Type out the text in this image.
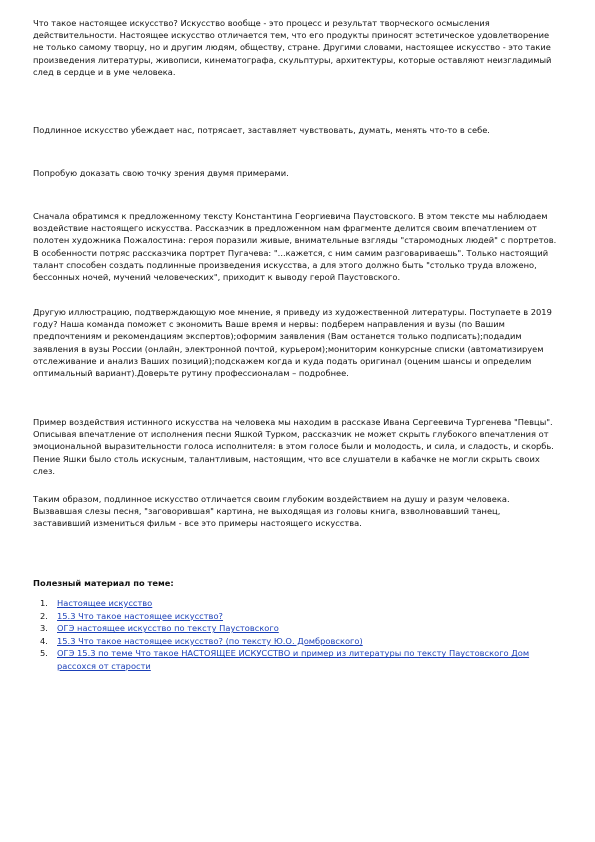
Что такое настоящее искусство? Искусство вообще - это процесс и результат творческого осмысления действительности. Настоящее искусство отличается тем, что его продукты приносят эстетическое удовлетворение не только самому творцу, но и другим людям, обществу, стране. Другими словами, настоящее искусство - это такие произведения литературы, живописи, кинематографа, скульптуры, архитектуры, которые оставляют неизгладимый след в сердце и в уме человека.

Подлинное искусство убеждает нас, потрясает, заставляет чувствовать, думать, менять что-то в себе.

Попробую доказать свою точку зрения двумя примерами.

Сначала обратимся к предложенному тексту Константина Георгиевича Паустовского. В этом тексте мы наблюдаем воздействие настоящего искусства. Рассказчик в предложенном нам фрагменте делится своим впечатлением от полотен художника Пожалостина: героя поразили живые, внимательные взгляды "старомодных людей" с портретов. В особенности потряс рассказчика портрет Пугачева: "...кажется, с ним самим разговариваешь". Только настоящий талант способен создать подлинные произведения искусства, а для этого должно быть "столько труда вложено, бессонных ночей, мучений человеческих", приходит к выводу герой Паустовского.

Другую иллюстрацию, подтверждающую мое мнение, я приведу из художественной литературы. Поступаете в 2019 году? Наша команда поможет с экономить Ваше время и нервы: подберем направления и вузы (по Вашим предпочтениям и рекомендациям экспертов);оформим заявления (Вам останется только подписать);подадим заявления в вузы России (онлайн, электронной почтой, курьером);мониторим конкурсные списки (автоматизируем отслеживание и анализ Ваших позиций);подскажем когда и куда подать оригинал (оценим шансы и определим оптимальный вариант).Доверьте рутину профессионалам – подробнее.

Пример воздействия истинного искусства на человека мы находим в рассказе Ивана Сергеевича Тургенева "Певцы". Описывая впечатление от исполнения песни Яшкой Турком, рассказчик не может скрыть глубокого впечатления от эмоциональной выразительности голоса исполнителя: в этом голосе были и молодость, и сила, и сладость, и скорбь. Пение Яшки было столь искусным, талантливым, настоящим, что все слушатели в кабачке не могли скрыть своих слез.

Таким образом, подлинное искусство отличается своим глубоким воздействием на душу и разум человека. Вызвавшая слезы песня, "заговорившая" картина, не выходящая из головы книга, взволновавший танец, заставивший измениться фильм - все это примеры настоящего искусства.

Полезный материал по теме:

1. Настоящее искусство
2. 15.3 Что такое настоящее искусство?
3. ОГЭ настоящее искусство по тексту Паустовского
4. 15.3 Что такое настоящее искусство? (по тексту Ю.О. Домбровского)
5. ОГЭ 15.3 по теме Что такое НАСТОЯЩЕЕ ИСКУССТВО и пример из литературы по тексту Паустовского Дом рассохся от старости
